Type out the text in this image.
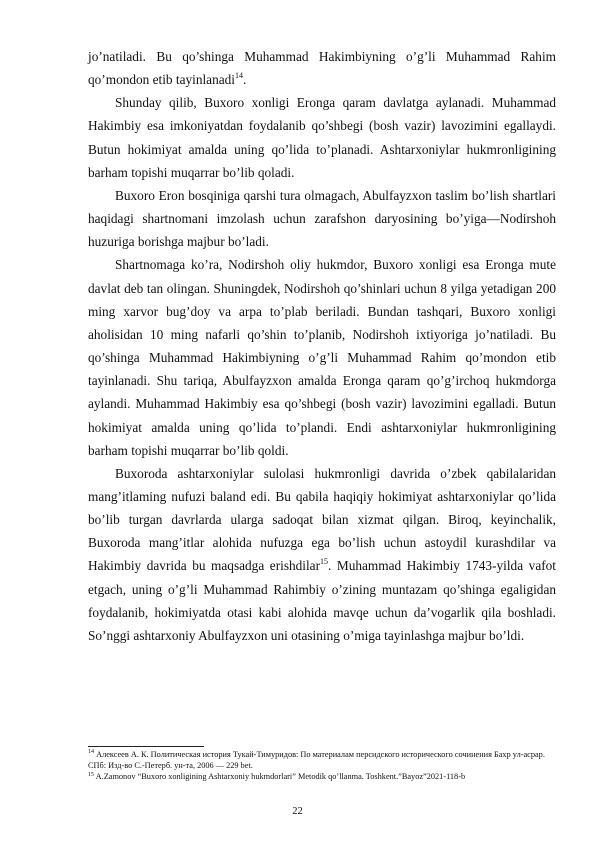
jo’natiladi. Bu qo’shinga Muhammad Hakimbiyning o’g’li Muhammad Rahim qo’mondon etib tayinlanadi$^{14}$.

Shunday qilib, Buxoro xonligi Eronga qaram davlatga aylanadi. Muhammad Hakimbiy esa imkoniyatdan foydalanib qo’shbegi (bosh vazir) lavozimini egallaydi. Butun hokimiyat amalda uning qo’lida to’planadi. Ashtarxoniylar hukmronligining barham topishi muqarrar bo’lib qoladi.

Buxoro Eron bosqiniga qarshi tura olmagach, Abulfayzxon taslim bo’lish shartlari haqidagi shartnomani imzolash uchun zarafshon daryosining bo’yiga—Nodirshoh huzuriga borishga majbur bo’ladi.

Shartnomaga ko’ra, Nodirshoh oliy hukmdor, Buxoro xonligi esa Eronga mute davlat deb tan olingan. Shuningdek, Nodirshoh qo’shinlari uchun 8 yilga yetadigan 200 ming xarvor bug’doy va arpa to’plab beriladi. Bundan tashqari, Buxoro xonligi aholisidan 10 ming nafarli qo’shin to’planib, Nodirshoh ixtiyoriga jo’natiladi. Bu qo’shinga Muhammad Hakimbiyning o’g’li Muhammad Rahim qo’mondon etib tayinlanadi. Shu tariqa, Abulfayzxon amalda Eronga qaram qo’g’irchoq hukmdorga aylandi. Muhammad Hakimbiy esa qo’shbegi (bosh vazir) lavozimini egalladi. Butun hokimiyat amalda uning qo’lida to’plandi. Endi ashtarxoniylar hukmronligining barham topishi muqarrar bo’lib qoldi.

Buxoroda ashtarxoniylar sulolasi hukmronligi davrida o’zbek qabilalaridan mang’itlaming nufuzi baland edi. Bu qabila haqiqiy hokimiyat ashtarxoniylar qo’lida bo’lib turgan davrlarda ularga sadoqat bilan xizmat qilgan. Biroq, keyinchalik, Buxoroda mang’itlar alohida nufuzga ega bo’lish uchun astoydil kurashdilar va Hakimbiy davrida bu maqsadga erishdilar$^{15}$. Muhammad Hakimbiy 1743-yilda vafot etgach, uning o’g’li Muhammad Rahimbiy o’zining muntazam qo’shinga egaligidan foydalanib, hokimiyatda otasi kabi alohida mavqe uchun da’vogarlik qila boshladi. So’nggi ashtarxoniy Abulfayzxon uni otasining o’miga tayinlashga majbur bo’ldi.

$^{14}$ Алексеев А. К. Политическая история Тукай-Тимуридов: По материалам персидского исторического сочинения Бахр ул-асрар. СПб: Изд-во С.-Петерб. ун-та, 2006 — 229 bet.

$^{15}$ A.Zamonov “Buxoro xonligining Ashtarxoniy hukmdorlari” Metodik qo’llanma. Toshkent.”Bayoz”2021-118-b

22
